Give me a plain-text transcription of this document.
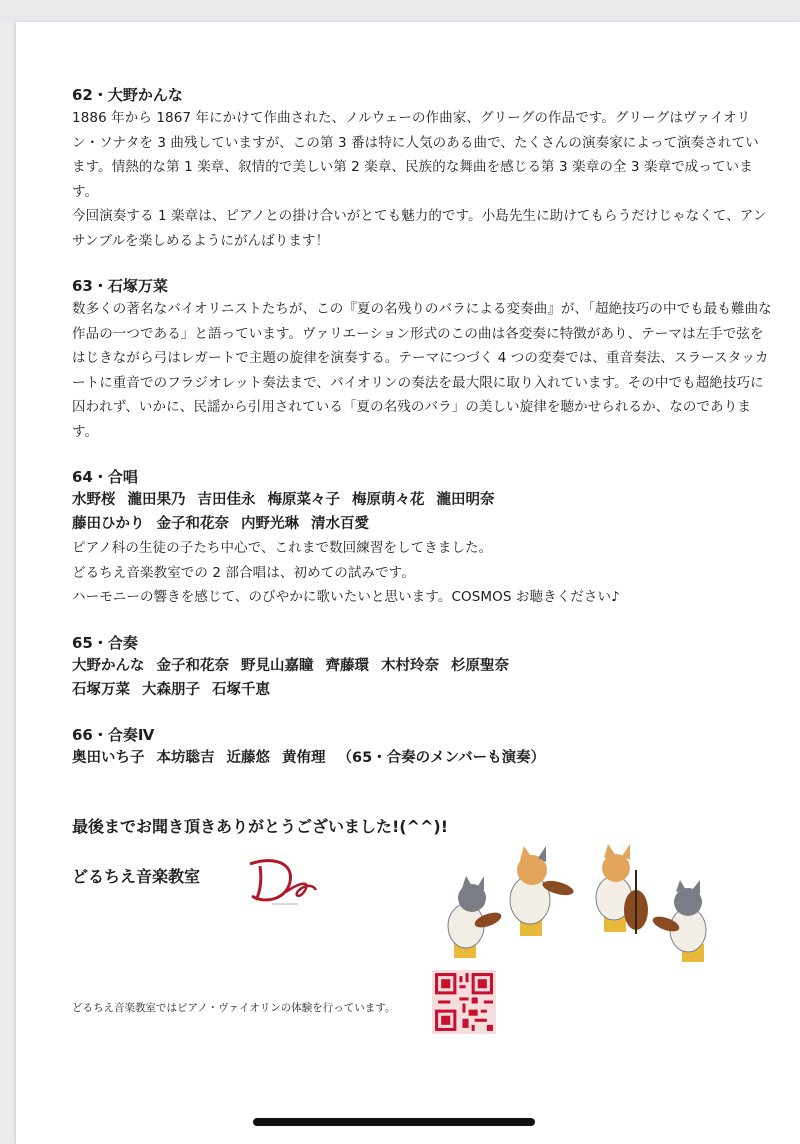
62・大野かんな

1886 年から 1867 年にかけて作曲された、ノルウェーの作曲家、グリーグの作品です。グリーグはヴァイオリン・ソナタを 3 曲残していますが、この第 3 番は特に人気のある曲で、たくさんの演奏家によって演奏されています。情熱的な第 1 楽章、叙情的で美しい第 2 楽章、民族的な舞曲を感じる第 3 楽章の全 3 楽章で成っています。

今回演奏する 1 楽章は、ピアノとの掛け合いがとても魅力的です。小島先生に助けてもらうだけじゃなくて、アンサンブルを楽しめるようにがんばります！

63・石塚万菜

数多くの著名なバイオリニストたちが、この『夏の名残りのバラによる変奏曲』が、「超絶技巧の中でも最も難曲な作品の一つである」と語っています。ヴァリエーション形式のこの曲は各変奏に特徴があり、テーマは左手で弦をはじきながら弓はレガートで主題の旋律を演奏する。テーマにつづく 4 つの変奏では、重音奏法、スラースタッカートに重音でのフラジオレット奏法まで、バイオリンの奏法を最大限に取り入れています。その中でも超絶技巧に囚われず、いかに、民謡から引用されている「夏の名残のバラ」の美しい旋律を聴かせられるか、なのであります。

64・合唱

水野桜 瀧田果乃 吉田佳永 梅原菜々子 梅原萌々花 瀧田明奈

藤田ひかり 金子和花奈 内野光琳 清水百愛

ピアノ科の生徒の子たち中心で、これまで数回練習をしてきました。

どるちえ音楽教室での 2 部合唱は、初めての試みです。

ハーモニーの響きを感じて、のびやかに歌いたいと思います。COSMOS お聴きください♪

65・合奏

大野かんな 金子和花奈 野見山嘉瞳 齊藤環 木村玲奈 杉原聖奈

石塚万菜 大森朋子 石塚千恵

66・合奏Ⅳ

奥田いち子 本坊聡吉 近藤悠 黄侑理 （65・合奏のメンバーも演奏）

最後までお聞き頂きありがとうございました!(^^)!

どるちえ音楽教室

どるちえ音楽教室ではピアノ・ヴァイオリンの体験を行っています。
